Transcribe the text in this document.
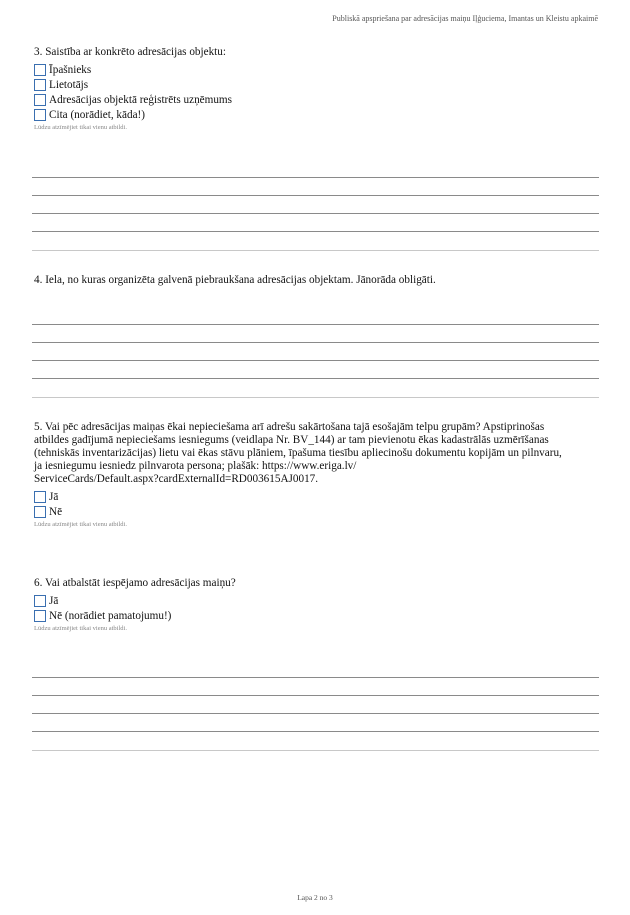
Publiskā apspriešana par adresācijas maiņu Iļģuciema, Imantas un Kleistu apkaimē
3. Saistība ar konkrēto adresācijas objektu:
Īpašnieks
Lietotājs
Adresācijas objektā reģistrēts uzņēmums
Cita (norādiet, kāda!)
Lūdzu atzīmējiet tikai vienu atbildi.
4. Iela, no kuras organizēta galvenā piebraukšana adresācijas objektam. Jānorāda obligāti.
5. Vai pēc adresācijas maiņas ēkai nepieciešama arī adrešu sakārtošana tajā esošajām telpu grupām? Apstiprinošas
atbildes gadījumā nepieciešams iesniegums (veidlapa Nr. BV_144) ar tam pievienotu ēkas kadastrālās uzmērīšanas
(tehniskās inventarizācijas) lietu vai ēkas stāvu plāniem, īpašuma tiesību apliecinošu dokumentu kopijām un pilnvaru,
ja iesniegumu iesniedz pilnvarota persona; plašāk: https://www.eriga.lv/
ServiceCards/Default.aspx?cardExternalId=RD003615AJ0017.
Jā
Nē
Lūdzu atzīmējiet tikai vienu atbildi.
6. Vai atbalstāt iespējamo adresācijas maiņu?
Jā
Nē (norādiet pamatojumu!)
Lūdzu atzīmējiet tikai vienu atbildi.
Lapa 2 no 3
